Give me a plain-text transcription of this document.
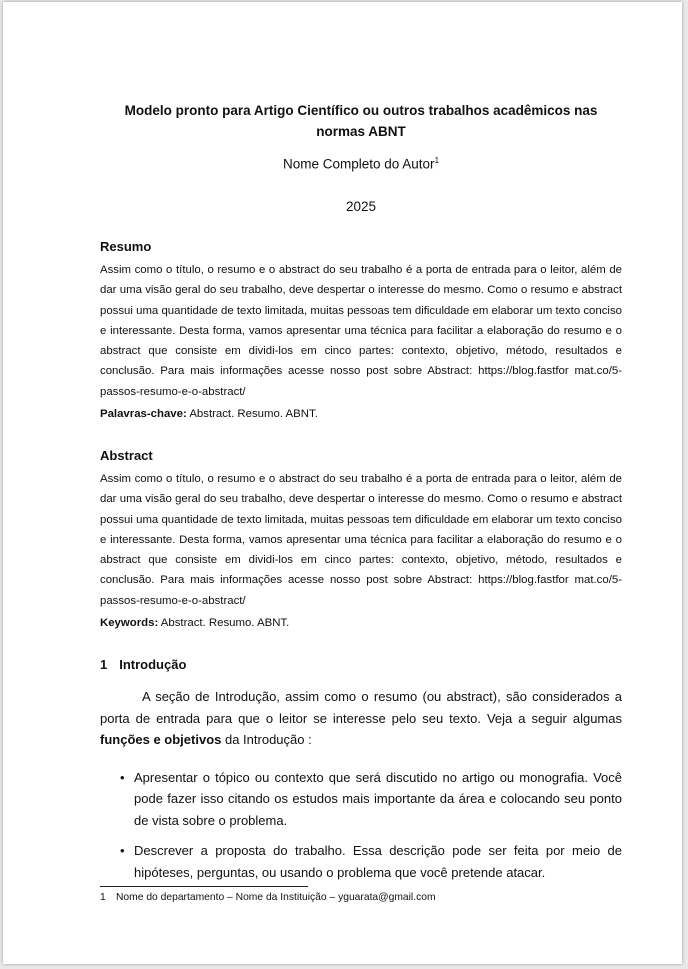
Modelo pronto para Artigo Científico ou outros trabalhos acadêmicos nas normas ABNT
Nome Completo do Autor$^1$
2025
Resumo
Assim como o título, o resumo e o abstract do seu trabalho é a porta de entrada para o leitor, além de dar uma visão geral do seu trabalho, deve despertar o interesse do mesmo. Como o resumo e abstract possui uma quantidade de texto limitada, muitas pessoas tem dificuldade em elaborar um texto conciso e interessante. Desta forma, vamos apresentar uma técnica para facilitar a elaboração do resumo e o abstract que consiste em dividi-los em cinco partes: contexto, objetivo, método, resultados e conclusão. Para mais informações acesse nosso post sobre Abstract: https://blog.fastfor mat.co/5-passos-resumo-e-o-abstract/
Palavras-chave: Abstract. Resumo. ABNT.
Abstract
Assim como o título, o resumo e o abstract do seu trabalho é a porta de entrada para o leitor, além de dar uma visão geral do seu trabalho, deve despertar o interesse do mesmo. Como o resumo e abstract possui uma quantidade de texto limitada, muitas pessoas tem dificuldade em elaborar um texto conciso e interessante. Desta forma, vamos apresentar uma técnica para facilitar a elaboração do resumo e o abstract que consiste em dividi-los em cinco partes: contexto, objetivo, método, resultados e conclusão. Para mais informações acesse nosso post sobre Abstract: https://blog.fastfor mat.co/5-passos-resumo-e-o-abstract/
Keywords: Abstract. Resumo. ABNT.
1 Introdução
A seção de Introdução, assim como o resumo (ou abstract), são considerados a porta de entrada para que o leitor se interesse pelo seu texto. Veja a seguir algumas funções e objetivos da Introdução :
• Apresentar o tópico ou contexto que será discutido no artigo ou monografia. Você pode fazer isso citando os estudos mais importante da área e colocando seu ponto de vista sobre o problema.
• Descrever a proposta do trabalho. Essa descrição pode ser feita por meio de hipóteses, perguntas, ou usando o problema que você pretende atacar.
1 Nome do departamento – Nome da Instituição – yguarata@gmail.com
